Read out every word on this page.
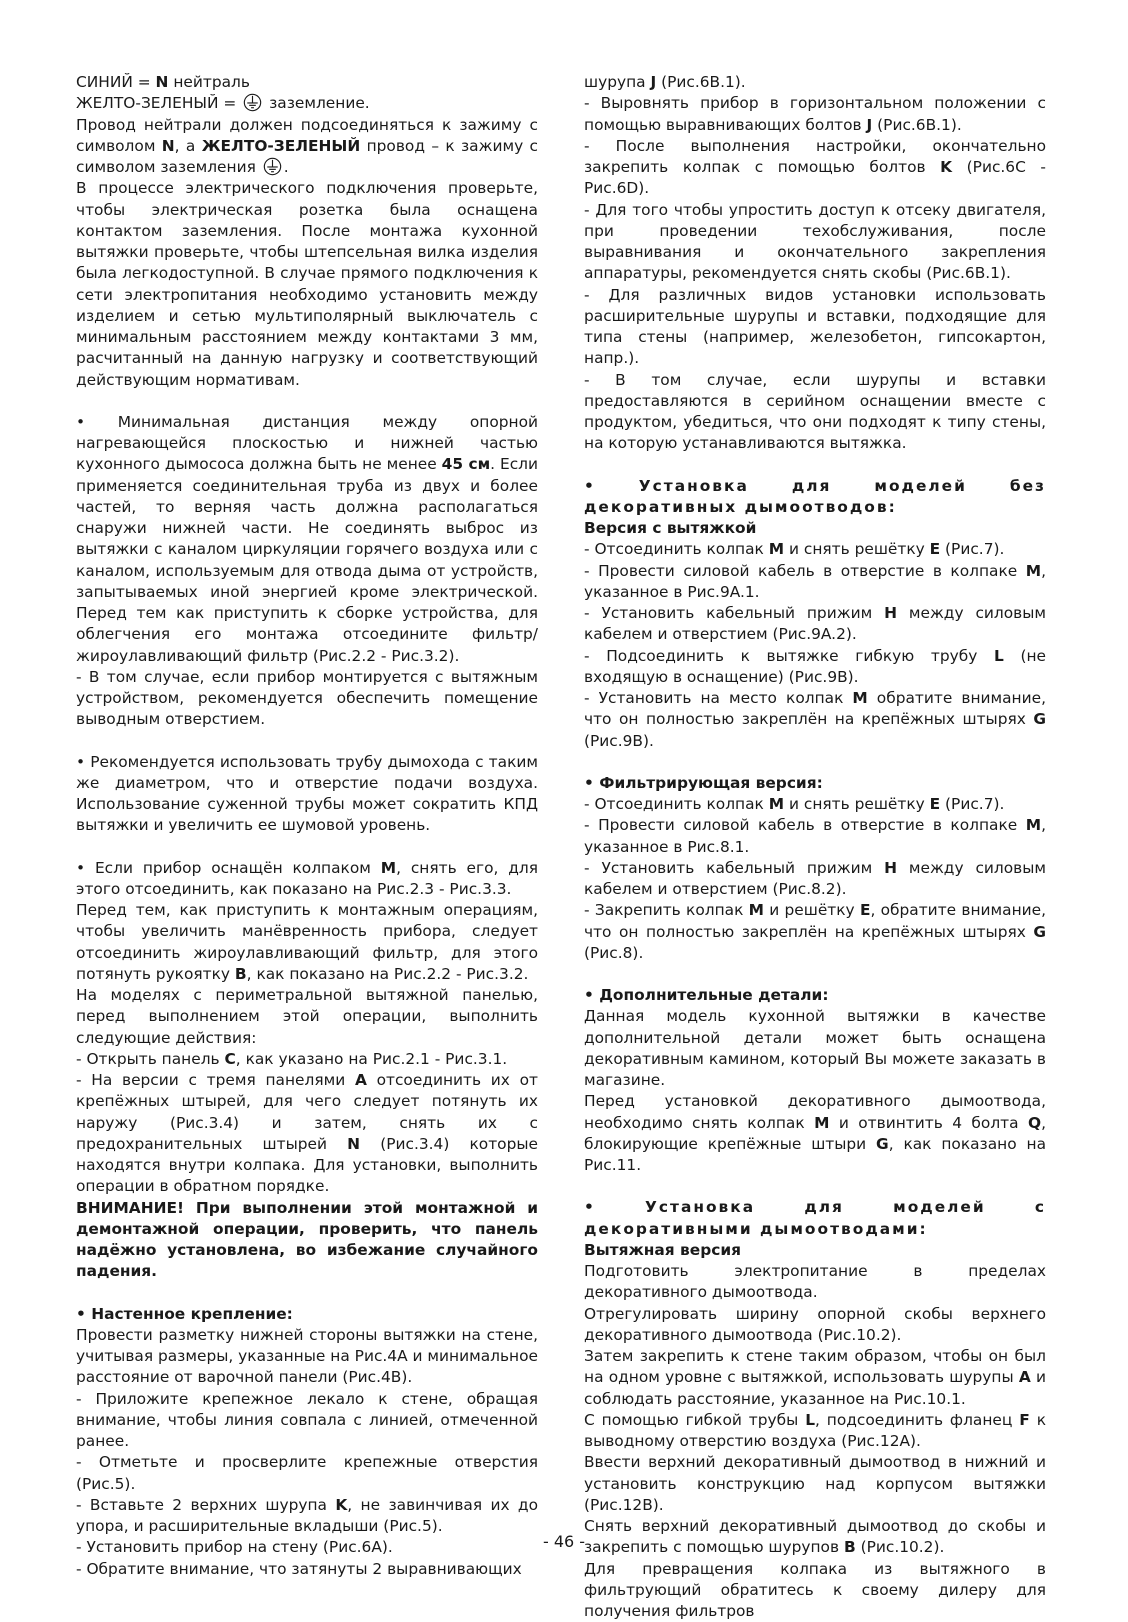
СИНИЙ = N нейтраль

ЖЕЛТО-ЗЕЛЕНЫЙ =  заземление.

Провод нейтрали должен подсоединяться к зажиму с символом N, а ЖЕЛТО-ЗЕЛЕНЫЙ провод – к зажиму с символом заземления .

В процессе электрического подключения проверьте, чтобы электрическая розетка была оснащена контактом заземления. После монтажа кухонной вытяжки проверьте, чтобы штепсельная вилка изделия была легкодоступной. В случае прямого подключения к сети электропитания необходимо установить между изделием и сетью мультиполярный выключатель с минимальным расстоянием между контактами 3 мм, расчитанный на данную нагрузку и соответствующий действующим нормативам.

• Минимальная дистанция между опорной нагревающейся плоскостью и нижней частью кухонного дымососа должна быть не менее 45 см. Если применяется соединительная труба из двух и более частей, то верняя часть должна располагаться снаружи нижней части. Не соединять выброс из вытяжки с каналом циркуляции горячего воздуха или с каналом, используемым для отвода дыма от устройств, запытываемых иной энергией кроме электрической. Перед тем как приступить к сборке устройства, для облегчения его монтажа отсоедините фильтр/жироулавливающий фильтр (Рис.2.2 - Рис.3.2).

- В том случае, если прибор монтируется с вытяжным устройством, рекомендуется обеспечить помещение выводным отверстием.

• Рекомендуется использовать трубу дымохода с таким же диаметром, что и отверстие подачи воздуха. Использование суженной трубы может сократить КПД вытяжки и увеличить ее шумовой уровень.

• Если прибор оснащён колпаком M, снять его, для этого отсоединить, как показано на Рис.2.3 - Рис.3.3.

Перед тем, как приступить к монтажным операциям, чтобы увеличить манёвренность прибора, следует отсоединить жироулавливающий фильтр, для этого потянуть рукоятку B, как показано на Рис.2.2 - Рис.3.2.

На моделях с периметральной вытяжной панелью, перед выполнением этой операции, выполнить следующие действия:

- Открыть панель C, как указано на Рис.2.1 - Рис.3.1.

- На версии с тремя панелями A отсоединить их от крепёжных штырей, для чего следует потянуть их наружу (Рис.3.4) и затем, снять их с предохранительных штырей N (Рис.3.4) которые находятся внутри колпака. Для установки, выполнить операции в обратном порядке.

ВНИМАНИЕ! При выполнении этой монтажной и демонтажной операции, проверить, что панель надёжно установлена, во избежание случайного падения.

• Настенное крепление:

Провести разметку нижней стороны вытяжки на стене, учитывая размеры, указанные на Рис.4A и минимальное расстояние от варочной панели (Рис.4B).

- Приложите крепежное лекало к стене, обращая внимание, чтобы линия совпала с линией, отмеченной ранее.

- Отметьте и просверлите крепежные отверстия (Рис.5).

- Вставьте 2 верхних шурупа K, не завинчивая их до упора, и расширительные вкладыши (Рис.5).

- Установить прибор на стену (Рис.6A).

- Обратите внимание, что затянуты 2 выравнивающих

шурупа J (Рис.6B.1).

- Выровнять прибор в горизонтальном положении с помощью выравнивающих болтов J (Рис.6B.1).

- После выполнения настройки, окончательно закрепить колпак с помощью болтов K (Рис.6C - Рис.6D).

- Для того чтобы упростить доступ к отсеку двигателя, при проведении техобслуживания, после выравнивания и окончательного закрепления аппаратуры, рекомендуется снять скобы (Рис.6B.1).

- Для различных видов установки использовать расширительные шурупы и вставки, подходящие для типа стены (например, железобетон, гипсокартон, напр.).

- В том случае, если шурупы и вставки предоставляются в серийном оснащении вместе с продуктом, убедиться, что они подходят к типу стены, на которую устанавливаются вытяжка.

• Установка для моделей без декоративных дымоотводов:

Версия с вытяжкой

- Отсоединить колпак M и снять решётку E (Рис.7).

- Провести силовой кабель в отверстие в колпаке M, указанное в Рис.9A.1.

- Установить кабельный прижим H между силовым кабелем и отверстием (Рис.9A.2).

- Подсоединить к вытяжке гибкую трубу L (не входящую в оснащение) (Рис.9B).

- Установить на место колпак M обратите внимание, что он полностью закреплён на крепёжных штырях G (Рис.9B).

• Фильтрирующая версия:

- Отсоединить колпак M и снять решётку E (Рис.7).

- Провести силовой кабель в отверстие в колпаке M, указанное в Рис.8.1.

- Установить кабельный прижим H между силовым кабелем и отверстием (Рис.8.2).

- Закрепить колпак M и решётку E, обратите внимание, что он полностью закреплён на крепёжных штырях G (Рис.8).

• Дополнительные детали:

Данная модель кухонной вытяжки в качестве дополнительной детали может быть оснащена декоративным камином, который Вы можете заказать в магазине.

Перед установкой декоративного дымоотвода, необходимо снять колпак M и отвинтить 4 болта Q, блокирующие крепёжные штыри G, как показано на Рис.11.

• Установка для моделей с декоративными дымоотводами:

Вытяжная версия

Подготовить электропитание в пределах декоративного дымоотвода.

Отрегулировать ширину опорной скобы верхнего декоративного дымоотвода (Рис.10.2).

Затем закрепить к стене таким образом, чтобы он был на одном уровне с вытяжкой, использовать шурупы A и соблюдать расстояние, указанное на Рис.10.1.

С помощью гибкой трубы L, подсоединить фланец F к выводному отверстию воздуха (Рис.12A).

Ввести верхний декоративный дымоотвод в нижний и установить конструкцию над корпусом вытяжки (Рис.12B).

Снять верхний декоративный дымоотвод до скобы и закрепить с помощью шурупов B (Рис.10.2).

Для превращения колпака из вытяжного в фильтрующий обратитесь к своему дилеру для получения фильтров

- 46 -
